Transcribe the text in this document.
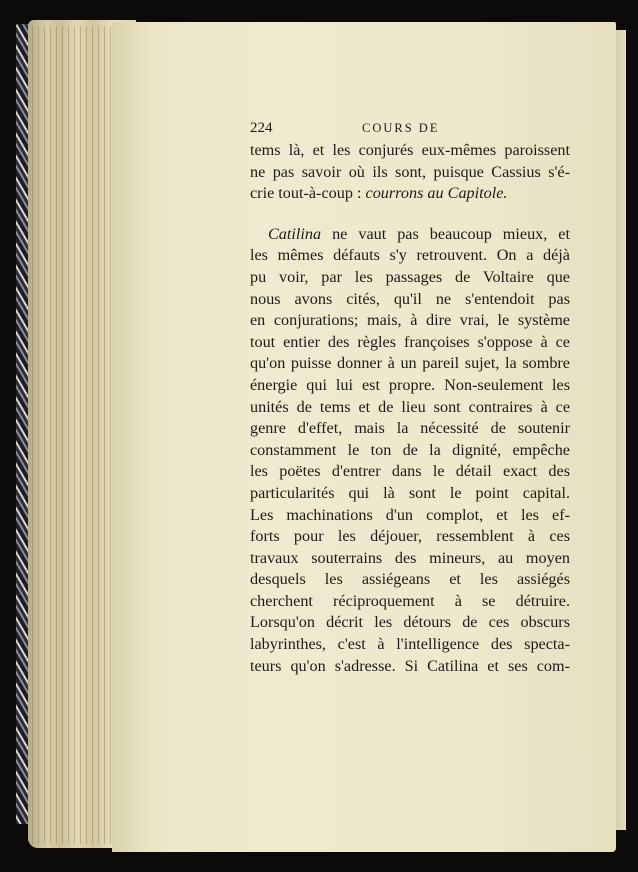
224	COURS DE
tems là, et les conjurés eux-mêmes paroissent
ne pas savoir où ils sont, puisque Cassius s'é-
crie tout-à-coup : courrons au Capitole.
Catilina ne vaut pas beaucoup mieux, et
les mêmes défauts s'y retrouvent. On a déjà
pu voir, par les passages de Voltaire que
nous avons cités, qu'il ne s'entendoit pas
en conjurations; mais, à dire vrai, le système
tout entier des règles françoises s'oppose à ce
qu'on puisse donner à un pareil sujet, la sombre
énergie qui lui est propre. Non-seulement les
unités de tems et de lieu sont contraires à ce
genre d'effet, mais la nécessité de soutenir
constamment le ton de la dignité, empêche
les poëtes d'entrer dans le détail exact des
particularités qui là sont le point capital.
Les machinations d'un complot, et les ef-
forts pour les déjouer, ressemblent à ces
travaux souterrains des mineurs, au moyen
desquels les assiégeans et les assiégés
cherchent réciproquement à se détruire.
Lorsqu'on décrit les détours de ces obscurs
labyrinthes, c'est à l'intelligence des specta-
teurs qu'on s'adresse. Si Catilina et ses com-
